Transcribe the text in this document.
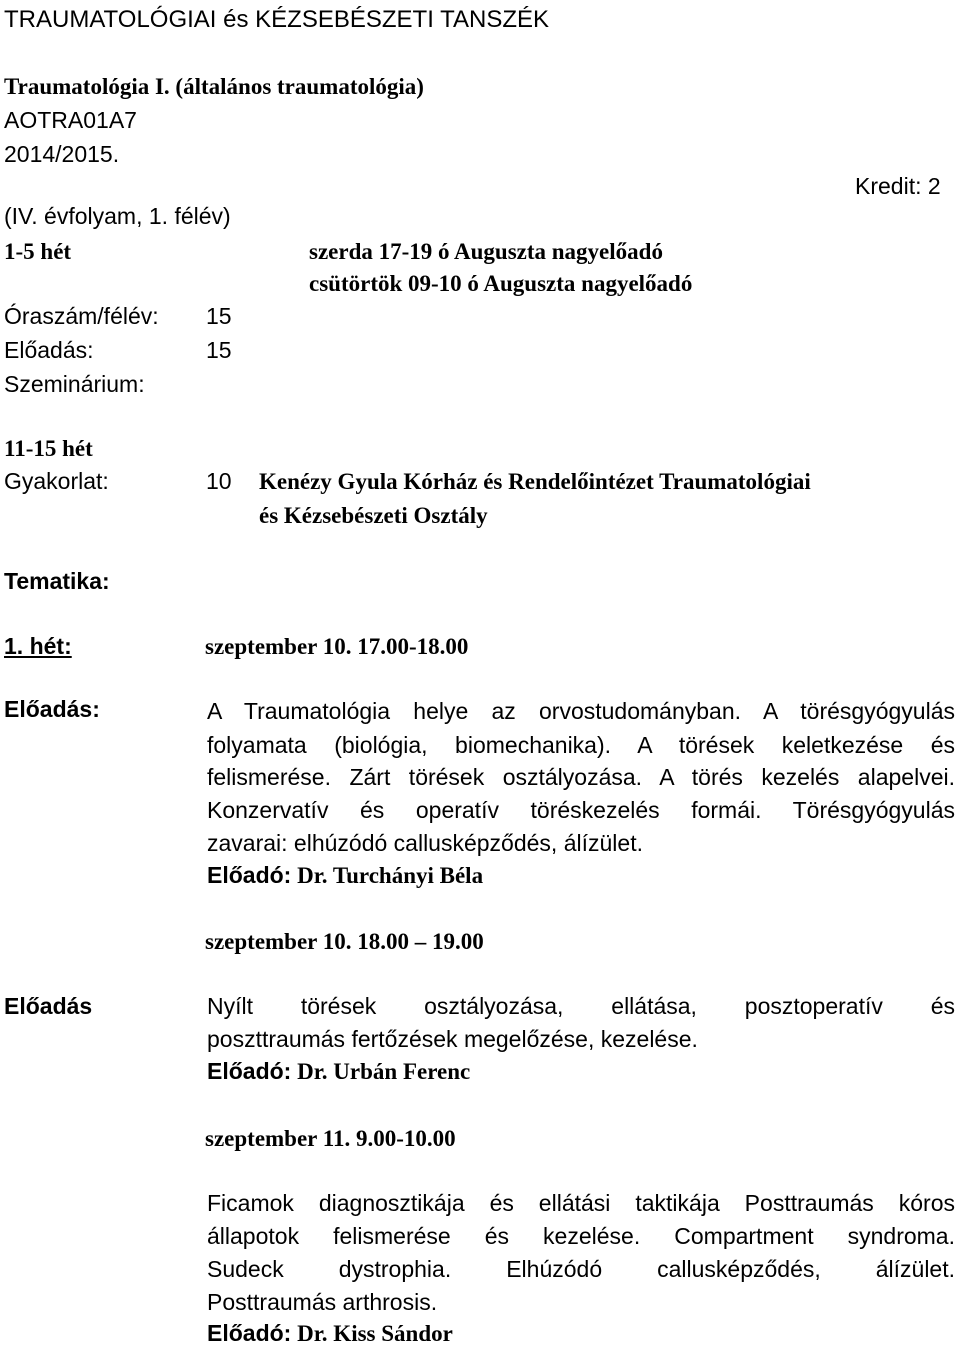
TRAUMATOLÓGIAI és KÉZSEBÉSZETI TANSZÉK
Traumatológia I. (általános traumatológia)
AOTRA01A7
2014/2015.
Kredit: 2
(IV. évfolyam, 1. félév)
1-5 hét	szerda 17-19 ó Auguszta nagyelőadó
csütörtök 09-10 ó Auguszta nagyelőadó
Óraszám/félév: 15
Előadás:	15
Szeminárium:
11-15 hét
Gyakorlat:	10 Kenézy Gyula Kórház és Rendelőintézet Traumatológiai
és Kézsebészeti Osztály
Tematika:
1. hét:	szeptember 10. 17.00-18.00
Előadás:	A Traumatológia helye az orvostudományban. A törésgyógyulás
folyamata (biológia, biomechanika). A törések keletkezése és
felismerése. Zárt törések osztályozása. A törés kezelés alapelvei.
Konzervatív és operatív töréskezelés formái. Törésgyógyulás
zavarai: elhúzódó callusképződés, álízület.
Előadó: Dr. Turchányi Béla
szeptember 10. 18.00 – 19.00
Előadás	Nyílt törések osztályozása, ellátása, posztoperatív és
poszttraumás fertőzések megelőzése, kezelése.
Előadó: Dr. Urbán Ferenc
szeptember 11. 9.00-10.00
Ficamok diagnosztikája és ellátási taktikája Posttraumás kóros
állapotok felismerése és kezelése. Compartment syndroma.
Sudeck dystrophia. Elhúzódó callusképződés, álízület.
Posttraumás arthrosis.
Előadó: Dr. Kiss Sándor
